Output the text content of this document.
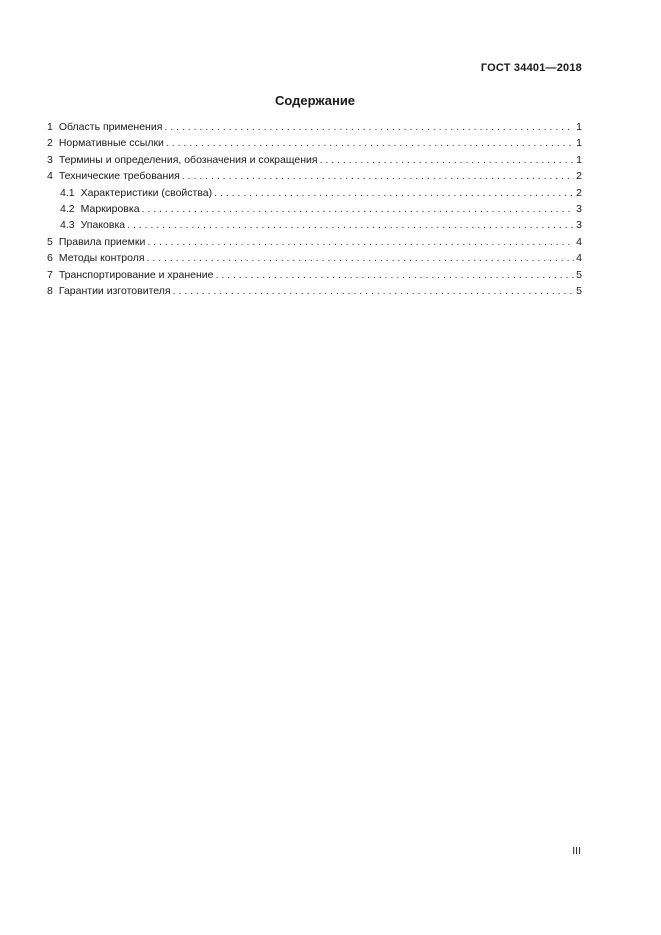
ГОСТ 34401—2018
Содержание
1 Область применения . . .	1
2 Нормативные ссылки . . .	1
3 Термины и определения, обозначения и сокращения . . .	1
4 Технические требования . . .	2
4.1 Характеристики (свойства) . . .	2
4.2 Маркировка . . .	3
4.3 Упаковка . . .	3
5 Правила приемки . . .	4
6 Методы контроля . . .	4
7 Транспортирование и хранение . . .	5
8 Гарантии изготовителя . . .	5
III
